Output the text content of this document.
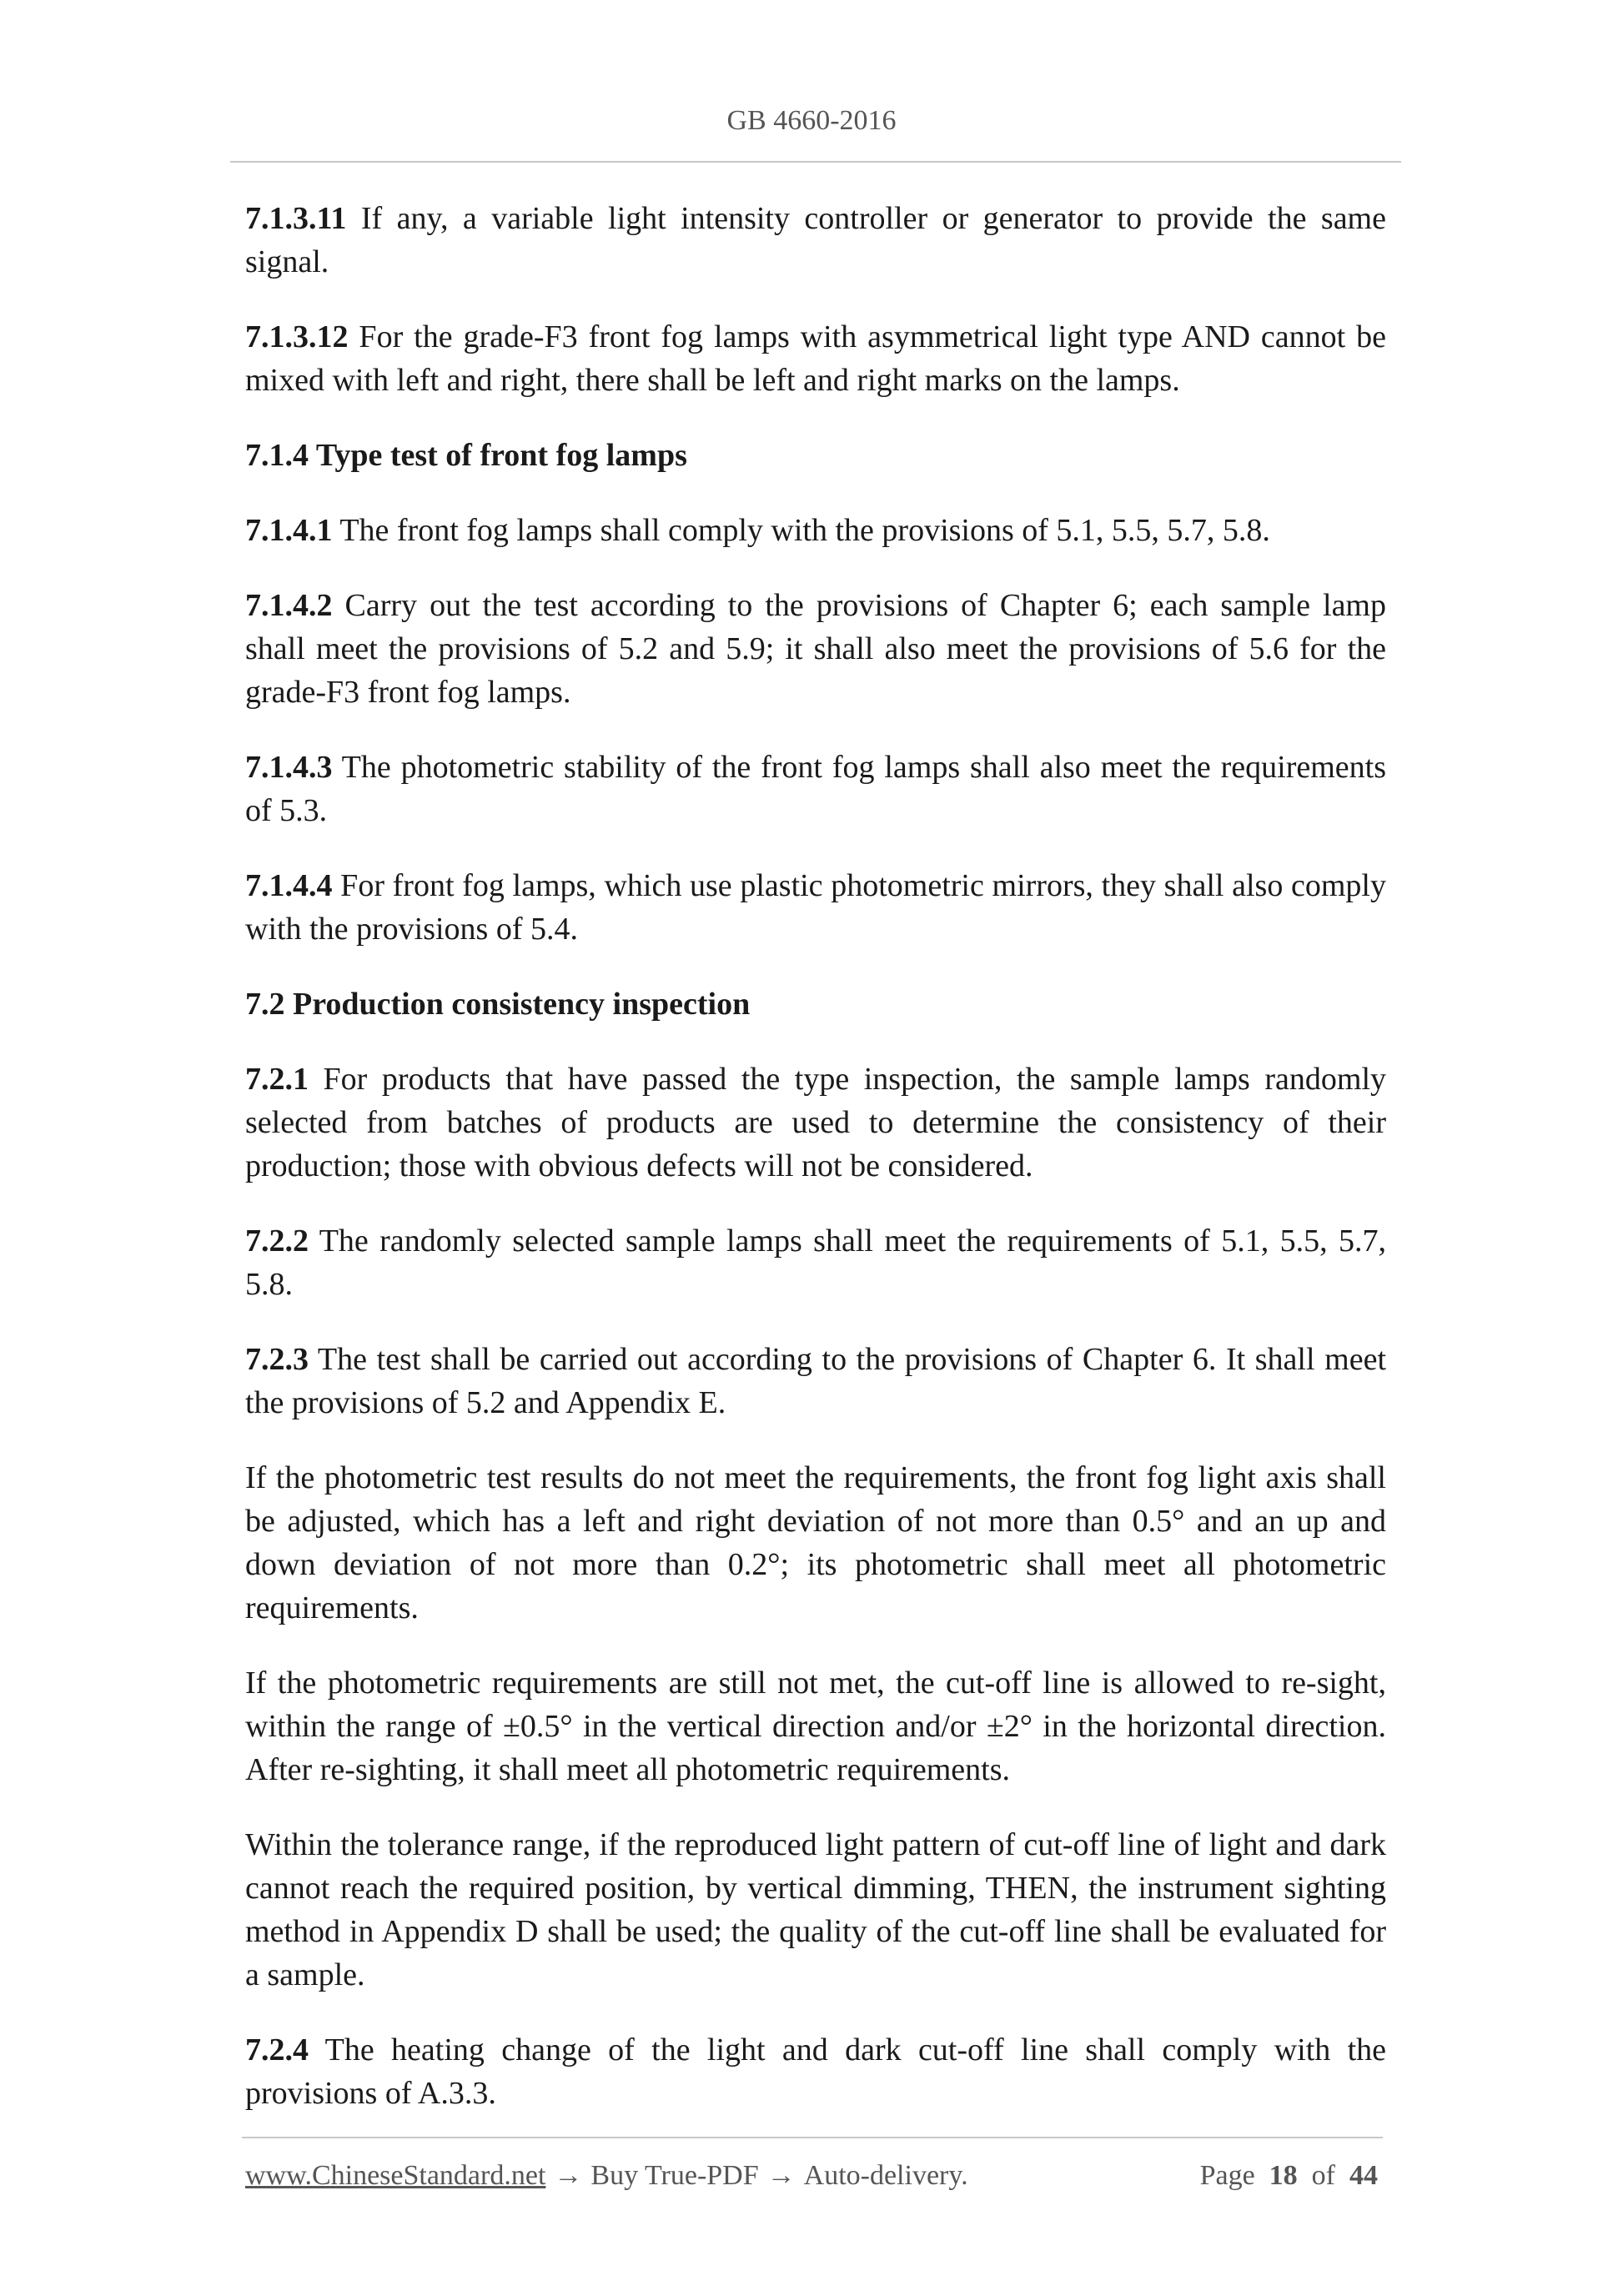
GB 4660-2016

7.1.3.11 If any, a variable light intensity controller or generator to provide the same signal.

7.1.3.12 For the grade-F3 front fog lamps with asymmetrical light type AND cannot be mixed with left and right, there shall be left and right marks on the lamps.

7.1.4 Type test of front fog lamps

7.1.4.1 The front fog lamps shall comply with the provisions of 5.1, 5.5, 5.7, 5.8.

7.1.4.2 Carry out the test according to the provisions of Chapter 6; each sample lamp shall meet the provisions of 5.2 and 5.9; it shall also meet the provisions of 5.6 for the grade-F3 front fog lamps.

7.1.4.3 The photometric stability of the front fog lamps shall also meet the requirements of 5.3.

7.1.4.4 For front fog lamps, which use plastic photometric mirrors, they shall also comply with the provisions of 5.4.

7.2 Production consistency inspection

7.2.1 For products that have passed the type inspection, the sample lamps randomly selected from batches of products are used to determine the consistency of their production; those with obvious defects will not be considered.

7.2.2 The randomly selected sample lamps shall meet the requirements of 5.1, 5.5, 5.7, 5.8.

7.2.3 The test shall be carried out according to the provisions of Chapter 6. It shall meet the provisions of 5.2 and Appendix E.

If the photometric test results do not meet the requirements, the front fog light axis shall be adjusted, which has a left and right deviation of not more than 0.5° and an up and down deviation of not more than 0.2°; its photometric shall meet all photometric requirements.

If the photometric requirements are still not met, the cut-off line is allowed to re-sight, within the range of ±0.5° in the vertical direction and/or ±2° in the horizontal direction. After re-sighting, it shall meet all photometric requirements.

Within the tolerance range, if the reproduced light pattern of cut-off line of light and dark cannot reach the required position, by vertical dimming, THEN, the instrument sighting method in Appendix D shall be used; the quality of the cut-off line shall be evaluated for a sample.

7.2.4 The heating change of the light and dark cut-off line shall comply with the provisions of A.3.3.

www.ChineseStandard.net → Buy True-PDF → Auto-delivery.	Page 18 of 44
